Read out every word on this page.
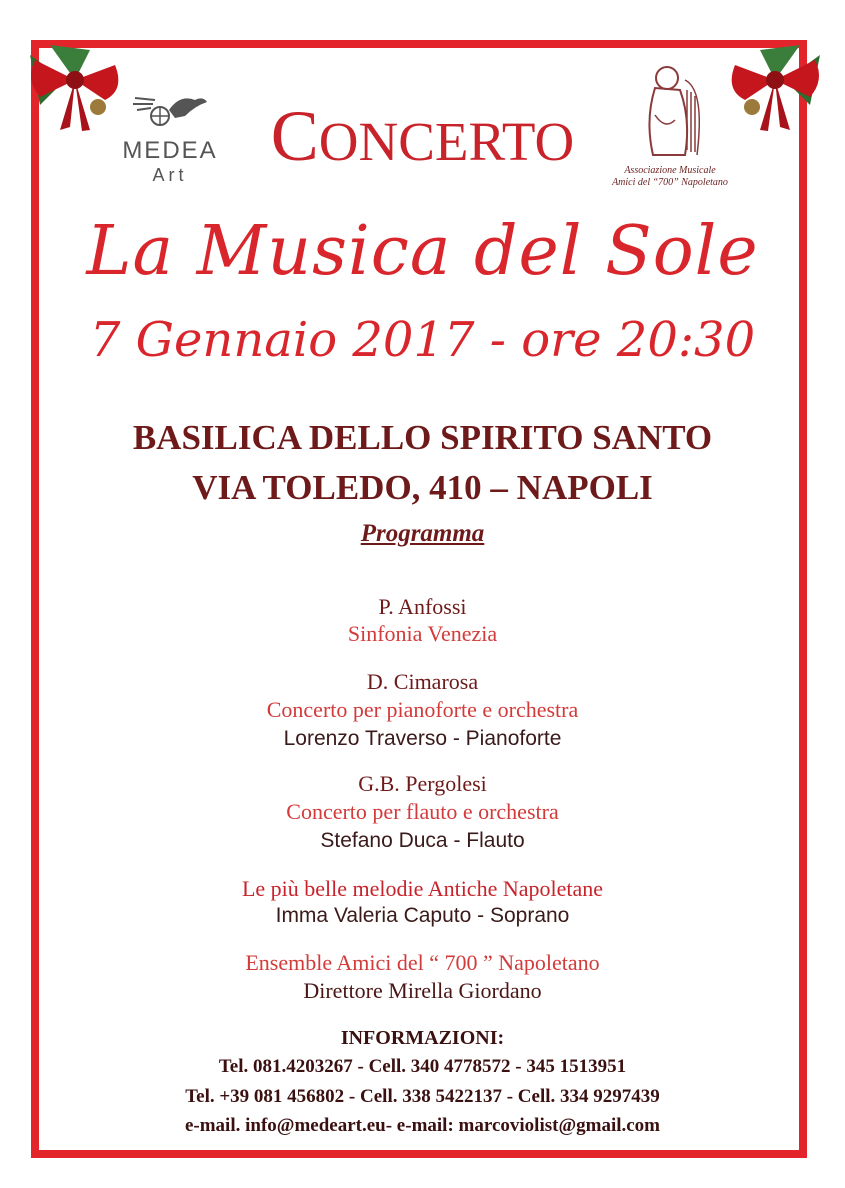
MEDEA
Art	Associazione Musicale
Amici del “700” Napoletano
CONCERTO
La Musica del Sole
7 Gennaio 2017 - ore 20:30
BASILICA DELLO SPIRITO SANTO
VIA TOLEDO, 410 – NAPOLI
Programma
P. Anfossi
Sinfonia Venezia
D. Cimarosa
Concerto per pianoforte e orchestra
Lorenzo Traverso - Pianoforte
G.B. Pergolesi
Concerto per flauto e orchestra
Stefano Duca - Flauto
Le più belle melodie Antiche Napoletane
Imma Valeria Caputo - Soprano
Ensemble Amici del “ 700 ” Napoletano
Direttore Mirella Giordano
INFORMAZIONI:
Tel. 081.4203267 - Cell. 340 4778572 - 345 1513951
Tel. +39 081 456802 - Cell. 338 5422137 - Cell. 334 9297439
e-mail. info@medeart.eu- e-mail: marcoviolist@gmail.com
